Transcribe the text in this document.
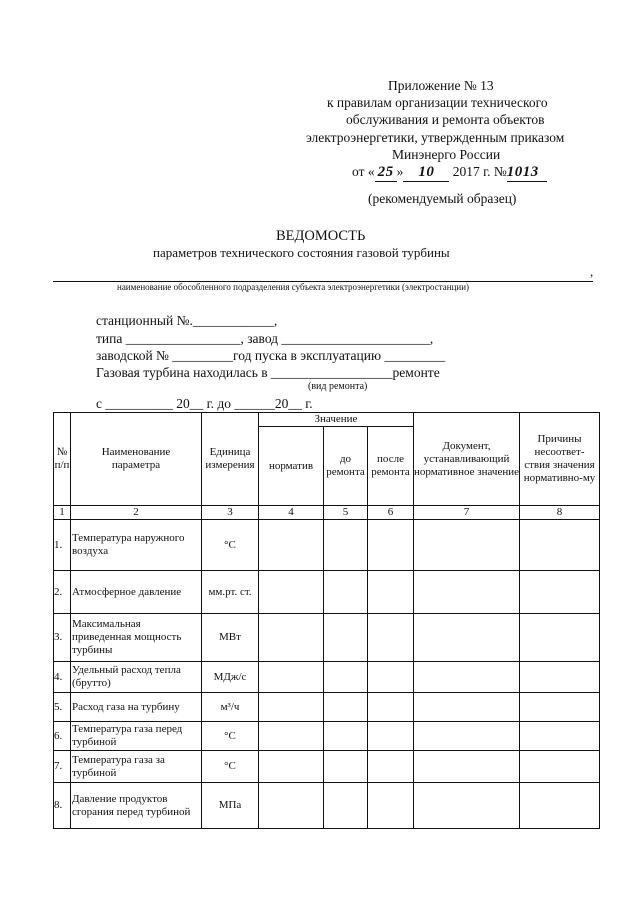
Приложение № 13
к правилам организации технического
обслуживания и ремонта объектов
электроэнергетики, утвержденным приказом
Минэнерго России
от « 25 » 10 2017 г. №1013
(рекомендуемый образец)
ВЕДОМОСТЬ
параметров технического состояния газовой турбины
,
наименование обособленного подразделения субъекта электроэнергетики (электростанции)
станционный №.____________,
типа _________________, завод ______________________,
заводской № _________год пуска в эксплуатацию _________
Газовая турбина находилась в __________________ремонте
(вид ремонта)
с __________ 20__ г. до ______20__ г.
№ п/п	Наименование параметра	Единица измерения	Значение			Документ, устанавливающий нормативное значение	Причины несоответ-ствия значения нормативно-му
			норматив	до ремонта	после ремонта		
1	2	3	4	5	6	7	8
1.	Температура наружного воздуха	°С					
2.	Атмосферное давление	мм.рт. ст.					
3.	Максимальная приведенная мощность турбины	МВт					
4.	Удельный расход тепла (брутто)	МДж/с					
5.	Расход газа на турбину	м³/ч					
6.	Температура газа перед турбиной	°С					
7.	Температура газа за турбиной	°С					
8.	Давление продуктов сгорания перед турбиной	МПа					
